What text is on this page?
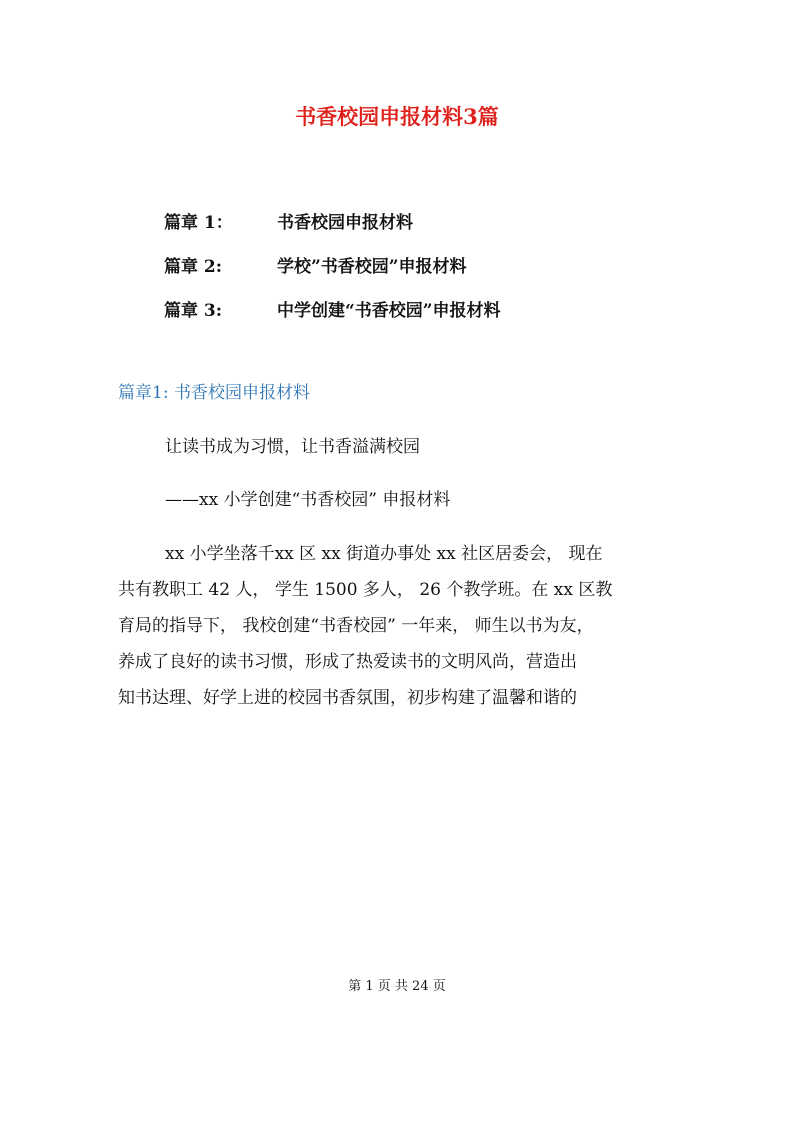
书香校园申报材料3篇
篇章 1：	书香校园申报材料
篇章 2:	学校”书香校园”申报材料
篇章 3:	中学创建“书香校园”申报材料
篇章1: 书香校园申报材料

让读书成为习惯，让书香溢满校园

——xx 小学创建“书香校园” 申报材料

xx 小学坐落千xx 区 xx 街道办事处 xx 社区居委会， 现在
共有教职工 42 人， 学生 1500 多人， 26 个教学班。在 xx 区教
育局的指导下， 我校创建“书香校园” 一年来， 师生以书为友，
养成了良好的读书习惯，形成了热爱读书的文明风尚，营造出
知书达理、好学上进的校园书香氛围，初步构建了温馨和谐的
第 1 页 共 24 页
